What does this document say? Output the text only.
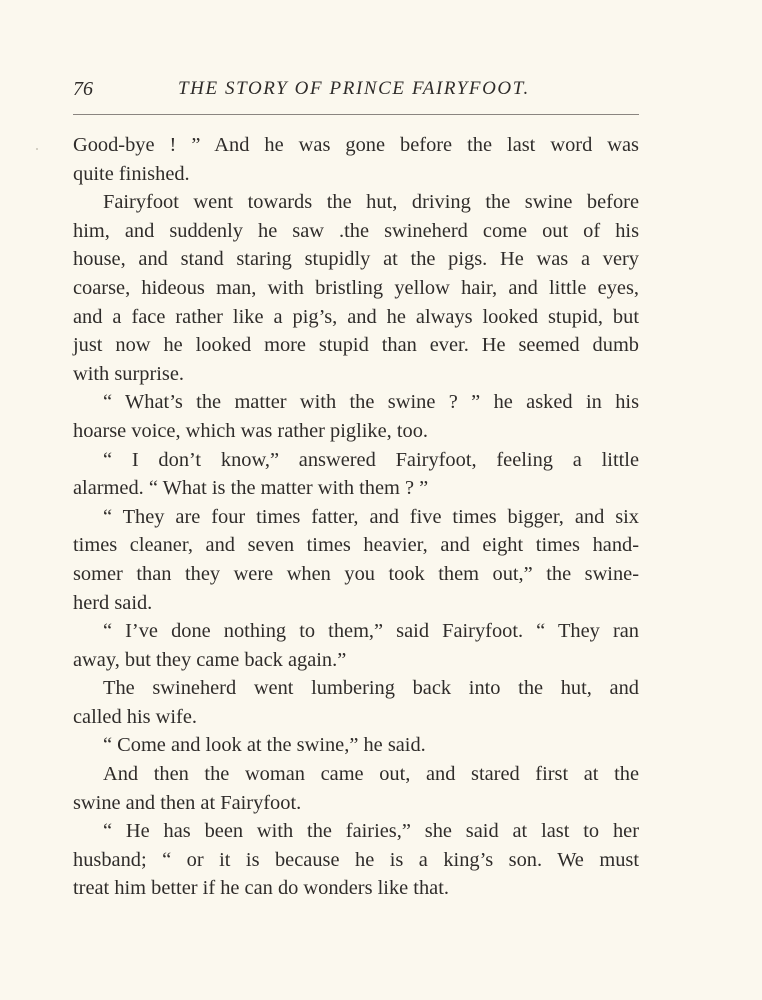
76	THE STORY OF PRINCE FAIRYFOOT.
Good-bye ! ” And he was gone before the last word was
quite finished.
Fairyfoot went towards the hut, driving the swine before
him, and suddenly he saw .the swineherd come out of his
house, and stand staring stupidly at the pigs. He was a very
coarse, hideous man, with bristling yellow hair, and little eyes,
and a face rather like a pig’s, and he always looked stupid, but
just now he looked more stupid than ever. He seemed dumb
with surprise.
“ What’s the matter with the swine ? ” he asked in his
hoarse voice, which was rather piglike, too.
“ I don’t know,” answered Fairyfoot, feeling a little
alarmed. “ What is the matter with them ? ”
“ They are four times fatter, and five times bigger, and six
times cleaner, and seven times heavier, and eight times hand-
somer than they were when you took them out,” the swine-
herd said.
“ I’ve done nothing to them,” said Fairyfoot. “ They ran
away, but they came back again.”
The swineherd went lumbering back into the hut, and
called his wife.
“ Come and look at the swine,” he said.
And then the woman came out, and stared first at the
swine and then at Fairyfoot.
“ He has been with the fairies,” she said at last to her
husband; “ or it is because he is a king’s son. We must
treat him better if he can do wonders like that.
